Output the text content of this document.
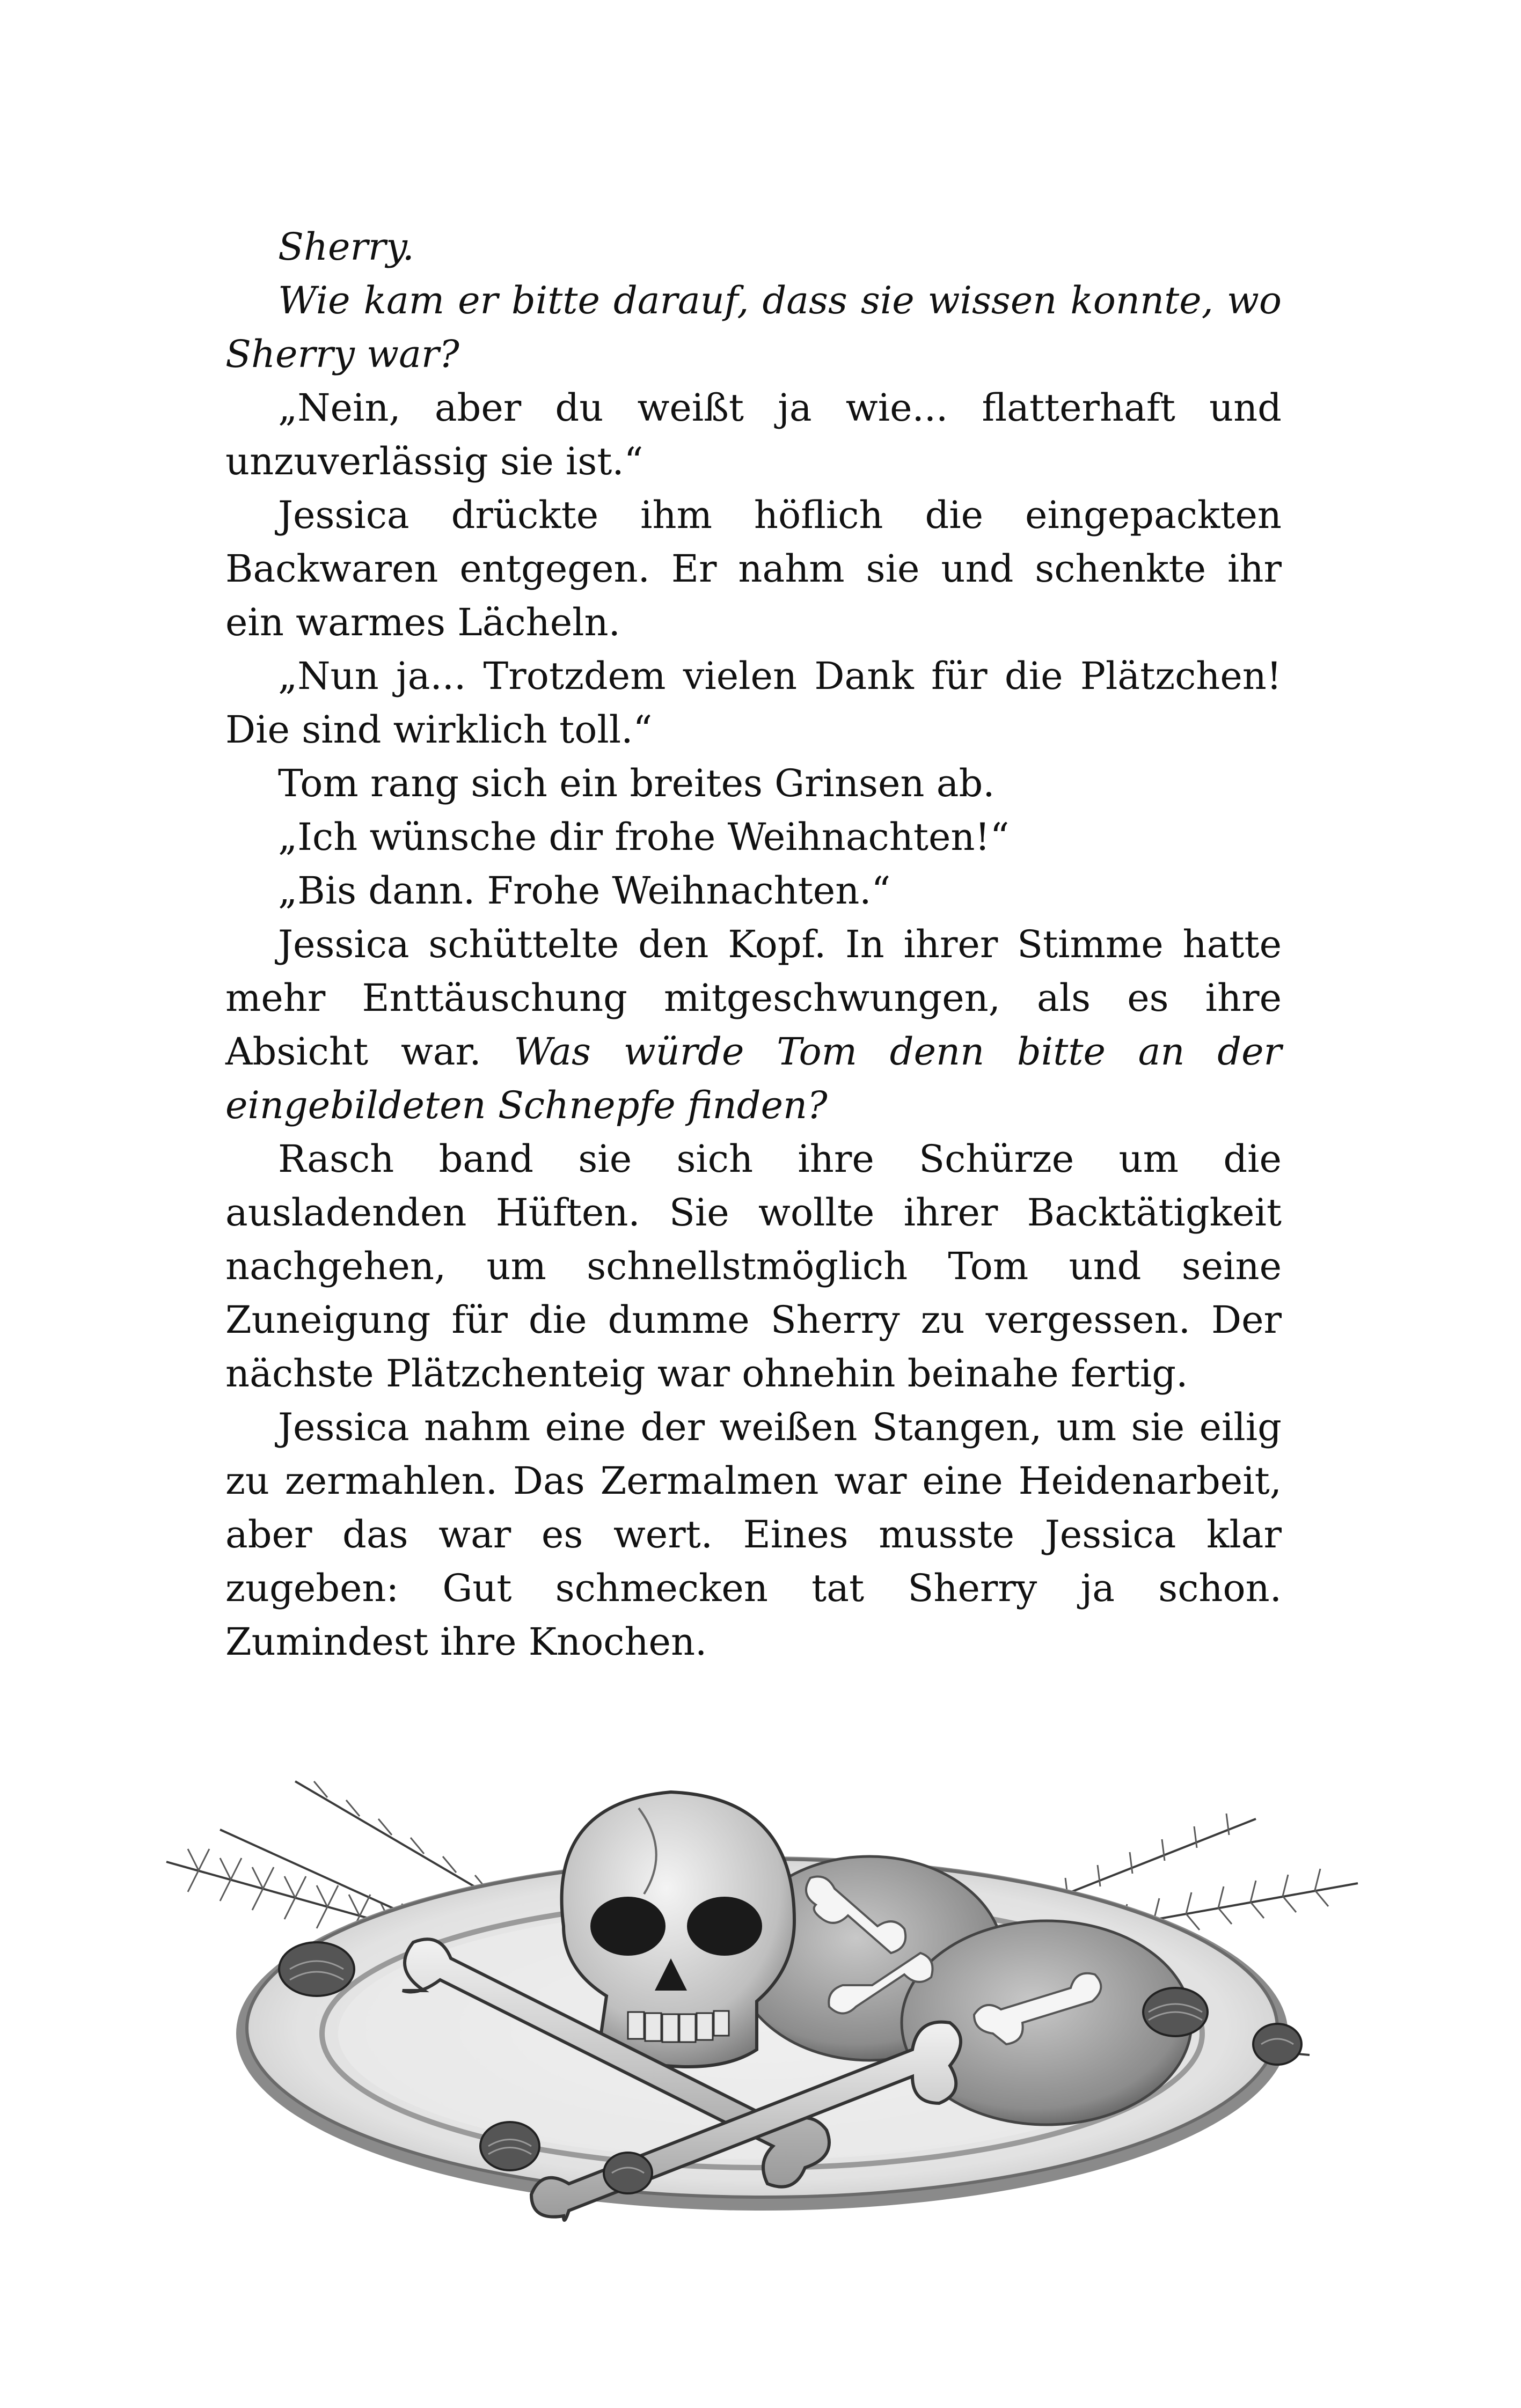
Sherry.

Wie kam er bitte darauf, dass sie wissen konnte, wo Sherry war?

„Nein, aber du weißt ja wie... flatterhaft und unzuverlässig sie ist.“

Jessica drückte ihm höflich die eingepackten Backwaren entgegen. Er nahm sie und schenkte ihr ein warmes Lächeln.

„Nun ja... Trotzdem vielen Dank für die Plätzchen! Die sind wirklich toll.“

Tom rang sich ein breites Grinsen ab.

„Ich wünsche dir frohe Weihnachten!“

„Bis dann. Frohe Weihnachten.“

Jessica schüttelte den Kopf. In ihrer Stimme hatte mehr Enttäuschung mitgeschwungen, als es ihre Absicht war. Was würde Tom denn bitte an der eingebildeten Schnepfe finden?

Rasch band sie sich ihre Schürze um die ausladenden Hüften. Sie wollte ihrer Backtätigkeit nachgehen, um schnellstmöglich Tom und seine Zuneigung für die dumme Sherry zu vergessen. Der nächste Plätzchenteig war ohnehin beinahe fertig.

Jessica nahm eine der weißen Stangen, um sie eilig zu zermahlen. Das Zermalmen war eine Heidenarbeit, aber das war es wert. Eines musste Jessica klar zugeben: Gut schmecken tat Sherry ja schon. Zumindest ihre Knochen.
